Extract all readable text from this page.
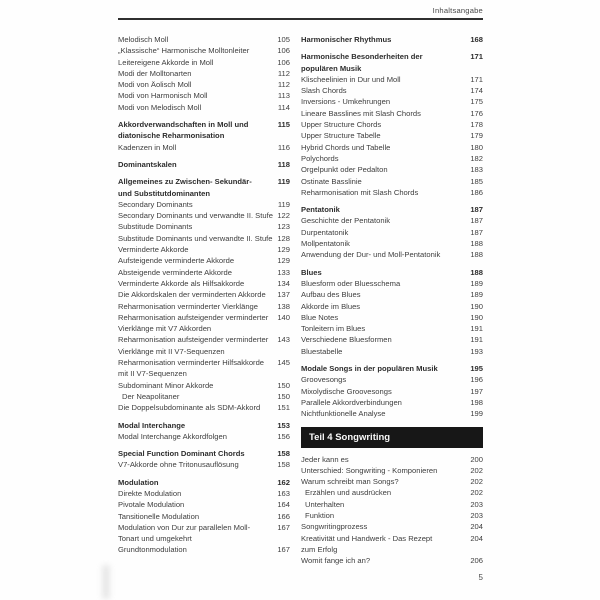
Inhaltsangabe
Melodisch Moll	105
„Klassische“ Harmonische Molltonleiter	106
Leitereigene Akkorde in Moll	106
Modi der Molltonarten	112
Modi von Äolisch Moll	112
Modi von Harmonisch Moll	113
Modi von Melodisch Moll	114
Akkordverwandschaften in Moll und	115
diatonische Reharmonisation
Kadenzen in Moll	116
Dominantskalen	118
Allgemeines zu Zwischen- Sekundär-	119
und Substitutdominanten
Secondary Dominants	119
Secondary Dominants und verwandte II. Stufe 122
Substitude Dominants	123
Substitude Dominants und verwandte II. Stufe 128
Verminderte Akkorde	129
Aufsteigende verminderte Akkorde	129
Absteigende verminderte Akkorde	133
Verminderte Akkorde als Hilfsakkorde	134
Die Akkordskalen der verminderten Akkorde 137
Reharmonisation verminderter Vierklänge	138
Reharmonisation aufsteigender verminderter 140
Vierklänge mit V7 Akkorden
Reharmonisation aufsteigender verminderter 143
Vierklänge mit II V7-Sequenzen
Reharmonisation verminderter Hilfsakkorde 145
mit II V7-Sequenzen
Subdominant Minor Akkorde	150
Der Neapolitaner	150
Die Doppelsubdominante als SDM-Akkord 151
Modal Interchange	153
Modal Interchange Akkordfolgen	156
Special Function Dominant Chords	158
V7-Akkorde ohne Tritonusauflösung	158
Modulation	162
Direkte Modulation	163
Pivotale Modulation	164
Tansitionelle Modulation	166
Modulation von Dur zur parallelen Moll-	167
Tonart und umgekehrt
Grundtonmodulation	167
Harmonischer Rhythmus	168
Harmonische Besonderheiten der	171
populären Musik
Klischeelinien in Dur und Moll	171
Slash Chords	174
Inversions - Umkehrungen	175
Lineare Basslines mit Slash Chords	176
Upper Structure Chords	178
Upper Structure Tabelle	179
Hybrid Chords und Tabelle	180
Polychords	182
Orgelpunkt oder Pedalton	183
Ostinate Basslinie	185
Reharmonisation mit Slash Chords	186
Pentatonik	187
Geschichte der Pentatonik	187
Durpentatonik	187
Mollpentatonik	188
Anwendung der Dur- und Moll-Pentatonik	188
Blues	188
Bluesform oder Bluesschema	189
Aufbau des Blues	189
Akkorde im Blues	190
Blue Notes	190
Tonleitern im Blues	191
Verschiedene Bluesformen	191
Bluestabelle	193
Modale Songs in der populären Musik	195
Groovesongs	196
Mixolydische Groovesongs	197
Parallele Akkordverbindungen	198
Nichtfunktionelle Analyse	199
Teil 4 Songwriting
Jeder kann es	200
Unterschied: Songwriting - Komponieren	202
Warum schreibt man Songs?	202
Erzählen und ausdrücken	202
Unterhalten	203
Funktion	203
Songwritingprozess	204
Kreativität und Handwerk - Das Rezept	204
zum Erfolg
Womit fange ich an?	206
5
